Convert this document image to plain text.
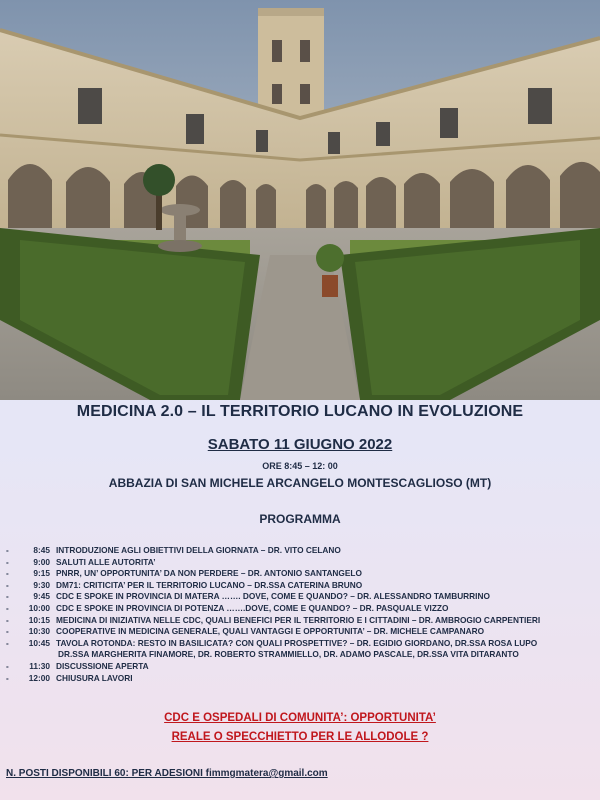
MEDICINA 2.0 – IL TERRITORIO LUCANO IN EVOLUZIONE
SABATO 11 GIUGNO 2022
ORE 8:45 – 12: 00
ABBAZIA DI SAN MICHELE ARCANGELO MONTESCAGLIOSO (MT)
PROGRAMMA
-	8:45 INTRODUZIONE AGLI OBIETTIVI DELLA GIORNATA – DR. VITO CELANO
-	9:00 SALUTI ALLE AUTORITA’
-	9:15 PNRR, UN’ OPPORTUNITA’ DA NON PERDERE – DR. ANTONIO SANTANGELO
-	9:30 DM71: CRITICITA’ PER IL TERRITORIO LUCANO – DR.SSA CATERINA BRUNO
-	9:45 CDC E SPOKE IN PROVINCIA DI MATERA ……. DOVE, COME E QUANDO? – DR. ALESSANDRO TAMBURRINO
-	10:00 CDC E SPOKE IN PROVINCIA DI POTENZA …….DOVE, COME E QUANDO? – DR. PASQUALE VIZZO
-	10:15 MEDICINA DI INIZIATIVA NELLE CDC, QUALI BENEFICI PER IL TERRITORIO E I CITTADINI – DR. AMBROGIO CARPENTIERI
-	10:30 COOPERATIVE IN MEDICINA GENERALE, QUALI VANTAGGI E OPPORTUNITA’ – DR. MICHELE CAMPANARO
-	10:45 TAVOLA ROTONDA: RESTO IN BASILICATA? CON QUALI PROSPETTIVE? – DR. EGIDIO GIORDANO, DR.SSA ROSA LUPO
DR.SSA MARGHERITA FINAMORE, DR. ROBERTO STRAMMIELLO, DR. ADAMO PASCALE, DR.SSA VITA DITARANTO
-	11:30 DISCUSSIONE APERTA
-	12:00 CHIUSURA LAVORI
CDC E OSPEDALI DI COMUNITA’: OPPORTUNITA’
REALE O SPECCHIETTO PER LE ALLODOLE ?
N. POSTI DISPONIBILI 60: PER ADESIONI fimmgmatera@gmail.com
